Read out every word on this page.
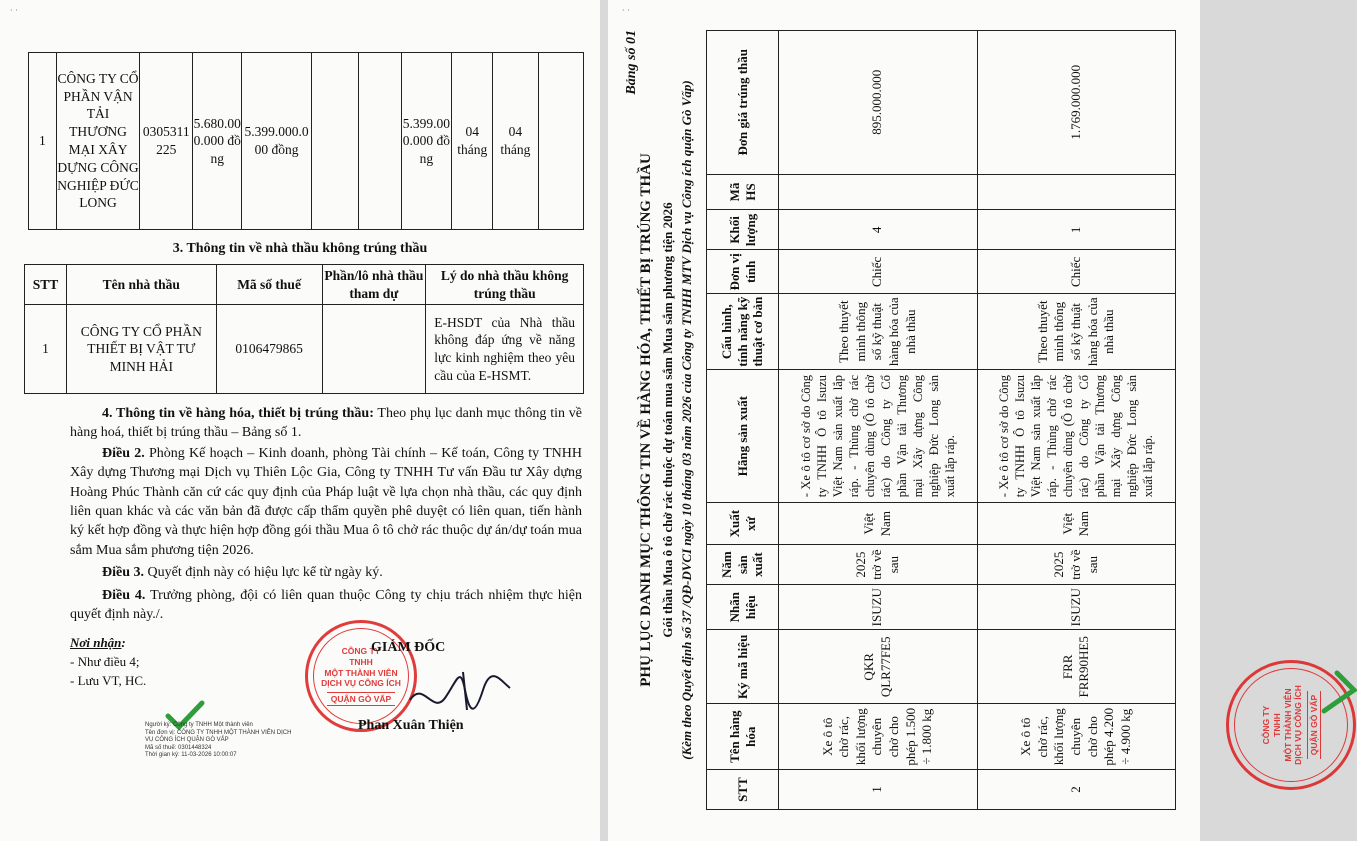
· ·
1	CÔNG TY CỔ PHẦN VẬN TẢI THƯƠNG MẠI XÂY DỰNG CÔNG NGHIỆP ĐỨC LONG	0305311225	5.680.000.000 đồng	5.399.000.000 đồng			5.399.000.000 đồng	04 tháng	04 tháng	
3. Thông tin về nhà thầu không trúng thầu
STT	Tên nhà thầu	Mã số thuế	Phần/lô nhà thầu tham dự	Lý do nhà thầu không trúng thầu
1	CÔNG TY CỔ PHẦN THIẾT BỊ VẬT TƯ MINH HẢI	0106479865		E-HSDT của Nhà thầu không đáp ứng về năng lực kinh nghiệm theo yêu cầu của E-HSMT.
4. Thông tin về hàng hóa, thiết bị trúng thầu: Theo phụ lục danh mục thông tin về hàng hoá, thiết bị trúng thầu – Bảng số 1.
Điều 2. Phòng Kế hoạch – Kinh doanh, phòng Tài chính – Kế toán, Công ty TNHH Xây dựng Thương mại Dịch vụ Thiên Lộc Gia, Công ty TNHH Tư vấn Đầu tư Xây dựng Hoàng Phúc Thành căn cứ các quy định của Pháp luật về lựa chọn nhà thầu, các quy định liên quan khác và các văn bản đã được cấp thẩm quyền phê duyệt có liên quan, tiến hành ký kết hợp đồng và thực hiện hợp đồng gói thầu Mua ô tô chở rác thuộc dự án/dự toán mua sắm Mua sắm phương tiện 2026.
Điều 3. Quyết định này có hiệu lực kể từ ngày ký.
Điều 4. Trưởng phòng, đội có liên quan thuộc Công ty chịu trách nhiệm thực hiện quyết định này./.
Nơi nhận:
- Như điều 4;
- Lưu VT, HC.
CÔNG TY
TNHH
MỘT THÀNH VIÊN
DỊCH VỤ CÔNG ÍCH
QUẬN GÒ VẤP
GIÁM ĐỐC
Phan Xuân Thiện
Người ký: Công ty TNHH Một thành viên
Tên đơn vị: CÔNG TY TNHH MỘT THÀNH VIÊN DỊCH
VỤ CÔNG ÍCH QUẬN GÒ VẤP
Mã số thuế: 0301448324
Thời gian ký: 11-03-2026 10:00:07
· ·
Bảng số 01
PHỤ LỤC DANH MỤC THÔNG TIN VỀ HÀNG HÓA, THIẾT BỊ TRÚNG THẦU Gói thầu Mua ô tô chở rác thuộc dự toán mua sắm Mua sắm phương tiện 2026 (Kèm theo Quyết định số 37 /QĐ-DVCI ngày 10 tháng 03 năm 2026 của Công ty TNHH MTV Dịch vụ Công ích quận Gò Vấp)
STT	Tên hàng hóa	Ký mã hiệu	Nhãn hiệu	Năm sản xuất	Xuất xứ	Hãng sản xuất	Cấu hình, tính năng kỹ thuật cơ bản	Đơn vị tính	Khối lượng	Mã HS	Đơn giá trúng thầu
1	Xe ô tô chở rác, khối lượng chuyên chở cho phép 1.500 ÷ 1.800 kg	QKR QLR77FE5	ISUZU	2025 trở về sau	Việt Nam	- Xe ô tô cơ sở do Công ty TNHH Ô tô Isuzu Việt Nam sản xuất lắp ráp. - Thùng chở rác chuyên dùng (Ô tô chở rác) do Công ty Cổ phần Vận tải Thương mại Xây dựng Công nghiệp Đức Long sản xuất lắp ráp.	Theo thuyết minh thông số kỹ thuật hàng hóa của nhà thầu	Chiếc	4		895.000.000
2	Xe ô tô chở rác, khối lượng chuyên chở cho phép 4.200 ÷ 4.900 kg	FRR FRR90HE5	ISUZU	2025 trở về sau	Việt Nam	- Xe ô tô cơ sở do Công ty TNHH Ô tô Isuzu Việt Nam sản xuất lắp ráp. - Thùng chở rác chuyên dùng (Ô tô chở rác) do Công ty Cổ phần Vận tải Thương mại Xây dựng Công nghiệp Đức Long sản xuất lắp ráp.	Theo thuyết minh thông số kỹ thuật hàng hóa của nhà thầu	Chiếc	1		1.769.000.000
CÔNG TY TNHH MỘT THÀNH VIÊN DỊCH VỤ CÔNG ÍCH QUẬN GÒ VẤP
